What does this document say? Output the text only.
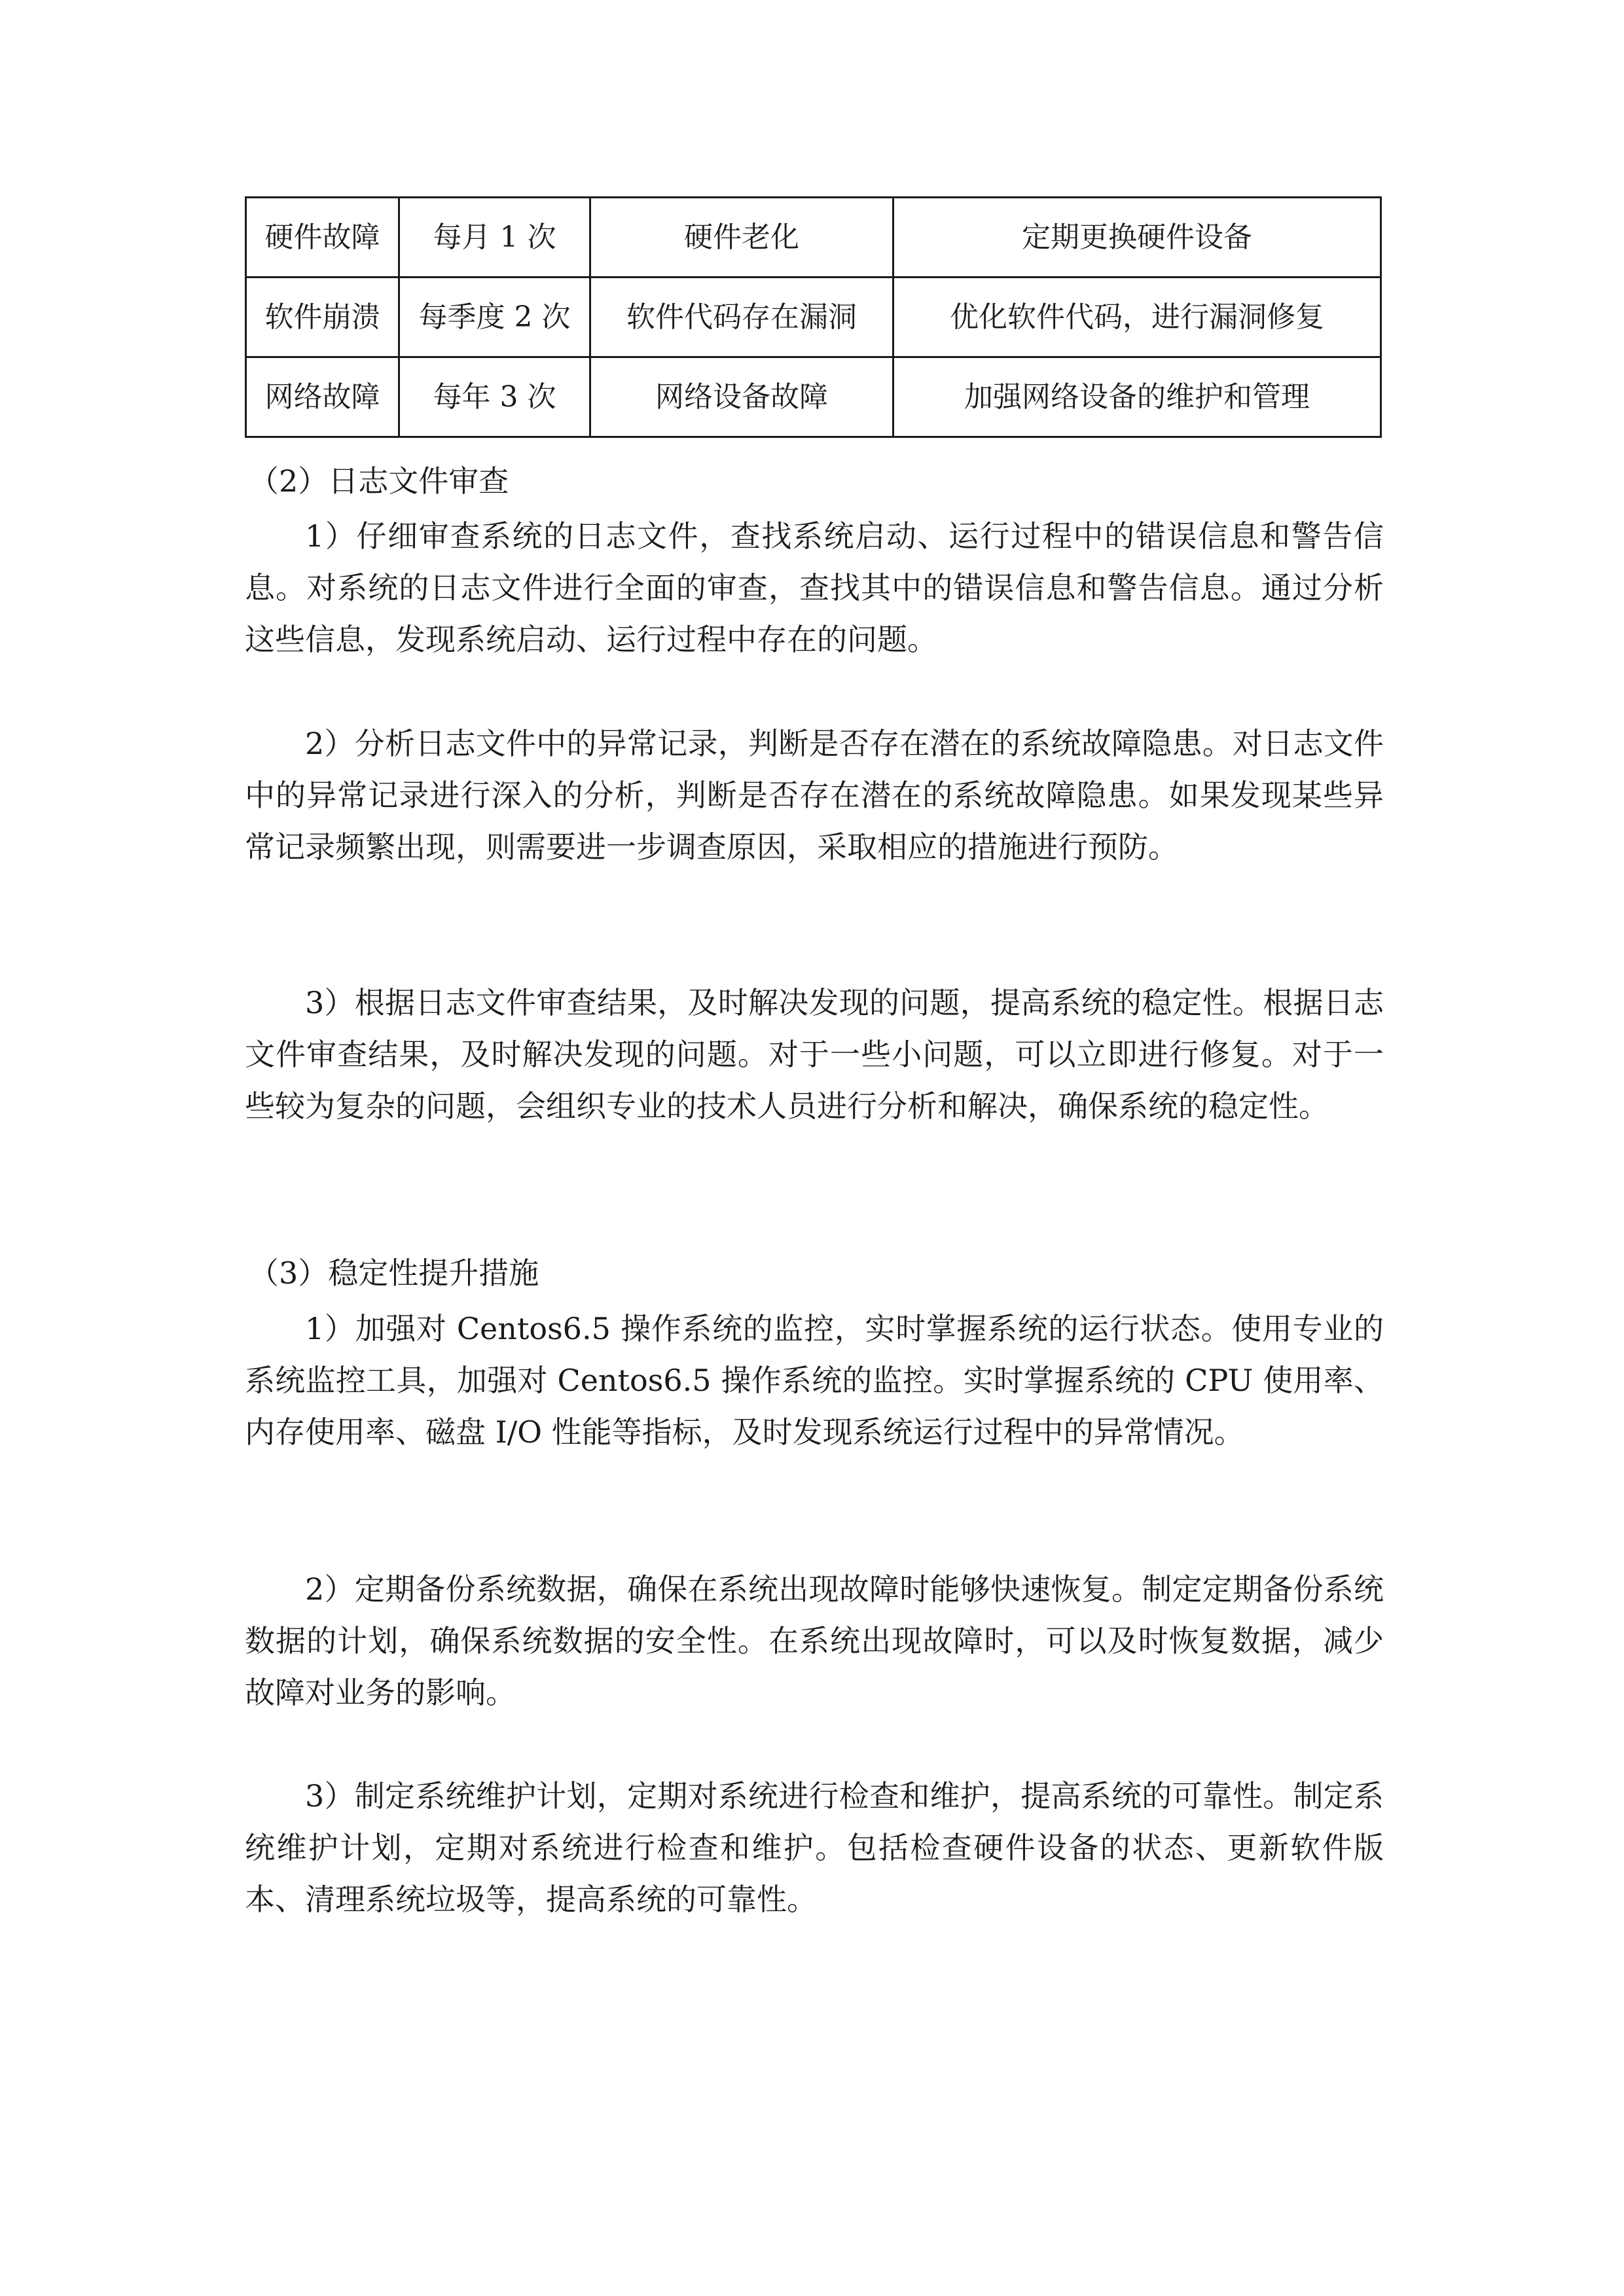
硬件故障	每月 1 次	硬件老化	定期更换硬件设备
软件崩溃	每季度 2 次	软件代码存在漏洞	优化软件代码，进行漏洞修复
网络故障	每年 3 次	网络设备故障	加强网络设备的维护和管理
（2）日志文件审查
1）仔细审查系统的日志文件，查找系统启动、运行过程中的错误信息和警告信息。对系统的日志文件进行全面的审查，查找其中的错误信息和警告信息。通过分析这些信息，发现系统启动、运行过程中存在的问题。
2）分析日志文件中的异常记录，判断是否存在潜在的系统故障隐患。对日志文件中的异常记录进行深入的分析，判断是否存在潜在的系统故障隐患。如果发现某些异常记录频繁出现，则需要进一步调查原因，采取相应的措施进行预防。
3）根据日志文件审查结果，及时解决发现的问题，提高系统的稳定性。根据日志文件审查结果，及时解决发现的问题。对于一些小问题，可以立即进行修复。对于一些较为复杂的问题，会组织专业的技术人员进行分析和解决，确保系统的稳定性。
（3）稳定性提升措施
1）加强对 Centos6.5 操作系统的监控，实时掌握系统的运行状态。使用专业的系统监控工具，加强对 Centos6.5 操作系统的监控。实时掌握系统的 CPU 使用率、内存使用率、磁盘 I/O 性能等指标，及时发现系统运行过程中的异常情况。
2）定期备份系统数据，确保在系统出现故障时能够快速恢复。制定定期备份系统数据的计划，确保系统数据的安全性。在系统出现故障时，可以及时恢复数据，减少故障对业务的影响。
3）制定系统维护计划，定期对系统进行检查和维护，提高系统的可靠性。制定系统维护计划，定期对系统进行检查和维护。包括检查硬件设备的状态、更新软件版本、清理系统垃圾等，提高系统的可靠性。
